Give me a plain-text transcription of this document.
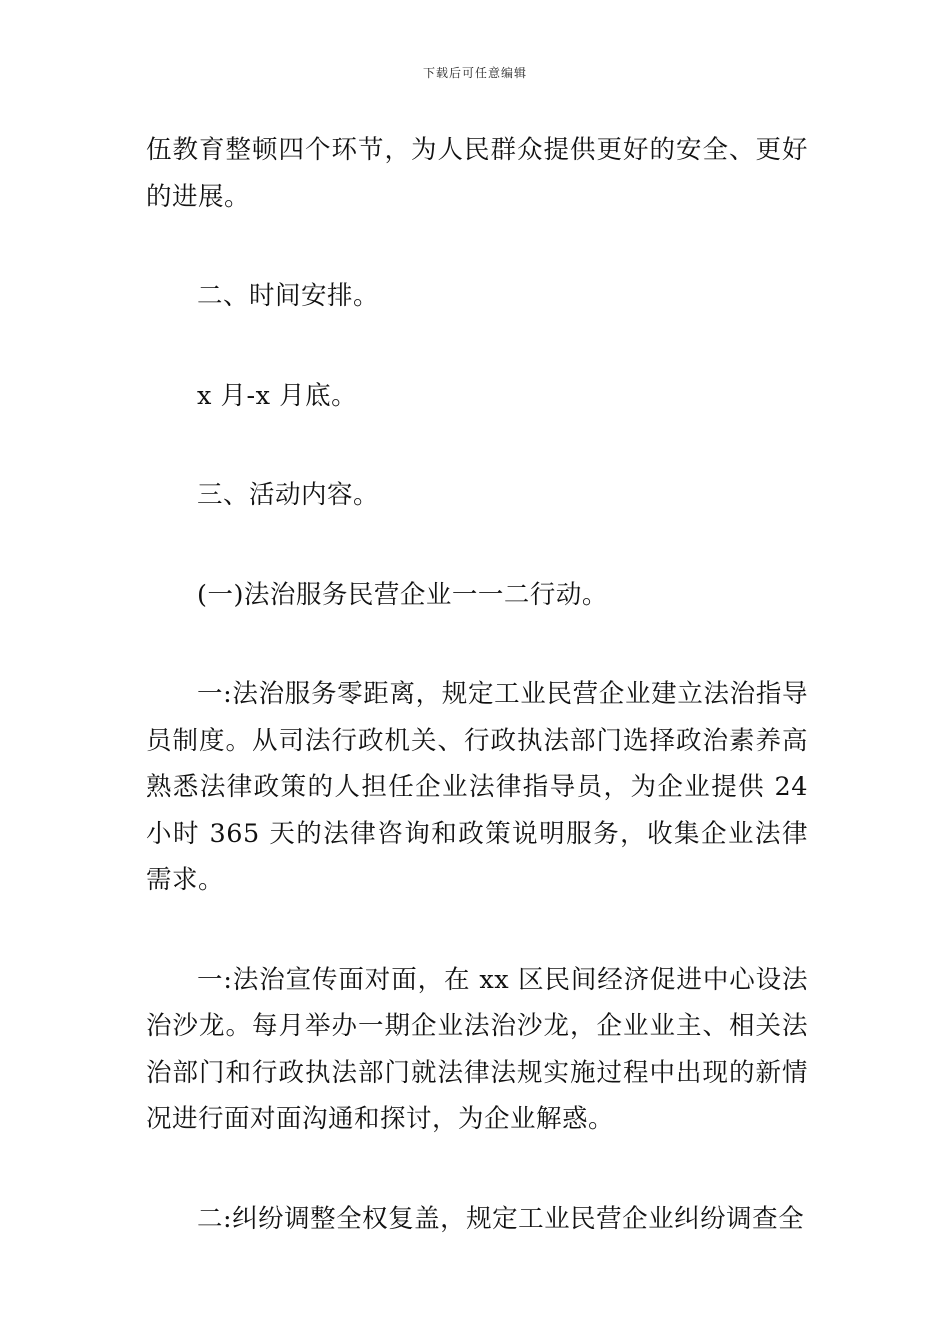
下载后可任意编辑

伍教育整顿四个环节，为人民群众提供更好的安全、更好的进展。

二、时间安排。

x 月-x 月底。

三、活动内容。

(一)法治服务民营企业一一二行动。

一:法治服务零距离，规定工业民营企业建立法治指导员制度。从司法行政机关、行政执法部门选择政治素养高熟悉法律政策的人担任企业法律指导员，为企业提供 24 小时 365 天的法律咨询和政策说明服务，收集企业法律需求。

一:法治宣传面对面，在 xx 区民间经济促进中心设法治沙龙。每月举办一期企业法治沙龙，企业业主、相关法治部门和行政执法部门就法律法规实施过程中出现的新情况进行面对面沟通和探讨，为企业解惑。

二:纠纷调整全权复盖，规定工业民营企业纠纷调查全
